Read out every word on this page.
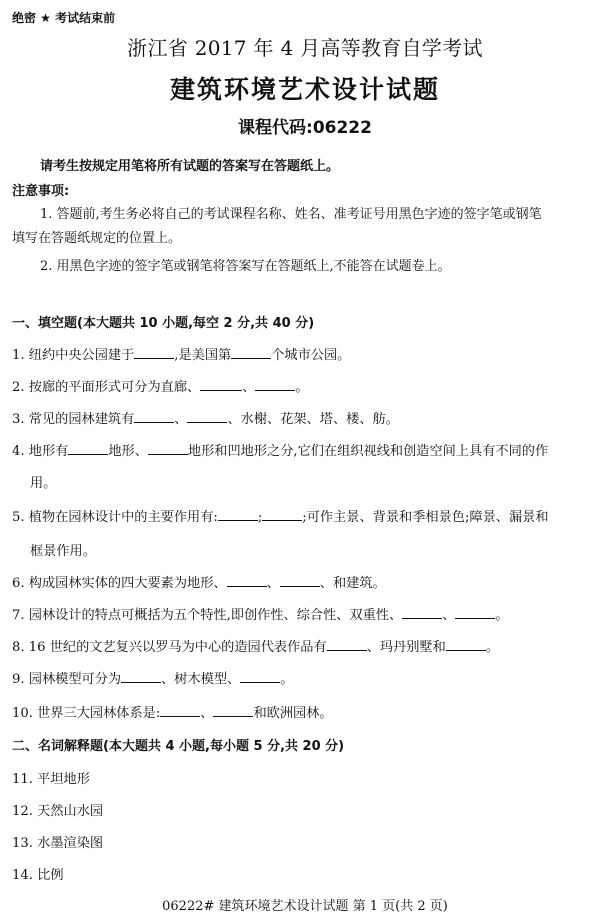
绝密 ★ 考试结束前
浙江省 2017 年 4 月高等教育自学考试
建筑环境艺术设计试题
课程代码:06222
请考生按规定用笔将所有试题的答案写在答题纸上。
注意事项:
1. 答题前,考生务必将自己的考试课程名称、姓名、准考证号用黑色字迹的签字笔或钢笔
填写在答题纸规定的位置上。
2. 用黑色字迹的签字笔或钢笔将答案写在答题纸上,不能答在试题卷上。
一、填空题(本大题共 10 小题,每空 2 分,共 40 分)
1. 纽约中央公园建于	,是美国第	个城市公园。
2. 按廊的平面形式可分为直廊、	、	。
3. 常见的园林建筑有	、	、水榭、花架、塔、楼、舫。
4. 地形有	地形、	地形和凹地形之分,它们在组织视线和创造空间上具有不同的作
用。
5. 植物在园林设计中的主要作用有:	;	;可作主景、背景和季相景色;障景、漏景和
框景作用。
6. 构成园林实体的四大要素为地形、	、	、和建筑。
7. 园林设计的特点可概括为五个特性,即创作性、综合性、双重性、	、	。
8. 16 世纪的文艺复兴以罗马为中心的造园代表作品有	、玛丹别墅和	。
9. 园林模型可分为	、树木模型、	。
10. 世界三大园林体系是:	、	和欧洲园林。
二、名词解释题(本大题共 4 小题,每小题 5 分,共 20 分)
11. 平坦地形
12. 天然山水园
13. 水墨渲染图
14. 比例
06222# 建筑环境艺术设计试题 第 1 页(共 2 页)
